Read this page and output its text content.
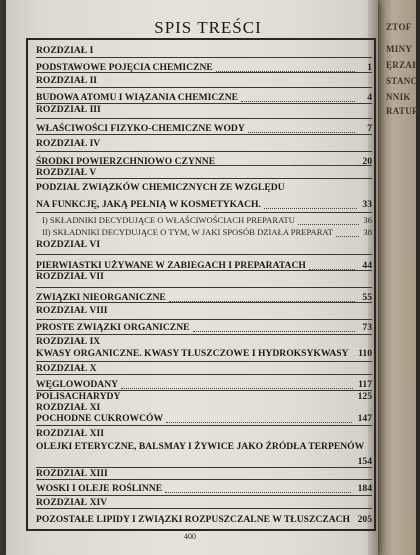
ZTOF
MINY
ĘRZAŁ
STANC.
NNIK
RATUR
SPIS TREŚCI
ROZDZIAŁ I
PODSTAWOWE POJĘCIA CHEMICZNE	1
ROZDZIAŁ II
BUDOWA ATOMU I WIĄZANIA CHEMICZNE	4
ROZDZIAŁ III
WŁAŚCIWOŚCI FIZYKO-CHEMICZNE WODY	7
ROZDZIAŁ IV
ŚRODKI POWIERZCHNIOWO CZYNNE	20
ROZDZIAŁ V
PODZIAŁ ZWIĄZKÓW CHEMICZNYCH ZE WZGLĘDU
NA FUNKCJĘ, JAKĄ PEŁNIĄ W KOSMETYKACH.	33
I) SKŁADNIKI DECYDUJĄCE O WŁAŚCIWOŚCIACH PREPARATU	36
II) SKŁADNIKI DECYDUJĄCE O TYM, W JAKI SPOSÓB DZIAŁA PREPARAT	38
ROZDZIAŁ VI
PIERWIASTKI UŻYWANE W ZABIEGACH I PREPARATACH	44
ROZDZIAŁ VII
ZWIĄZKI NIEORGANICZNE	55
ROZDZIAŁ VIII
PROSTE ZWIĄZKI ORGANICZNE	73
ROZDZIAŁ IX
KWASY ORGANICZNE. KWASY TŁUSZCZOWE I HYDROKSYKWASY 110
ROZDZIAŁ X
WĘGLOWODANY	117
POLISACHARYDY	125
ROZDZIAŁ XI
POCHODNE CUKROWCÓW	147
ROZDZIAŁ XII
OLEJKI ETERYCZNE, BALSMAY I ŻYWICE JAKO ŹRÓDŁA TERPENÓW
154
ROZDZIAŁ XIII
WOSKI I OLEJE ROŚLINNE	184
ROZDZIAŁ XIV
POZOSTAŁE LIPIDY I ZWIĄZKI ROZPUSZCZALNE W TŁUSZCZACH 205
400
